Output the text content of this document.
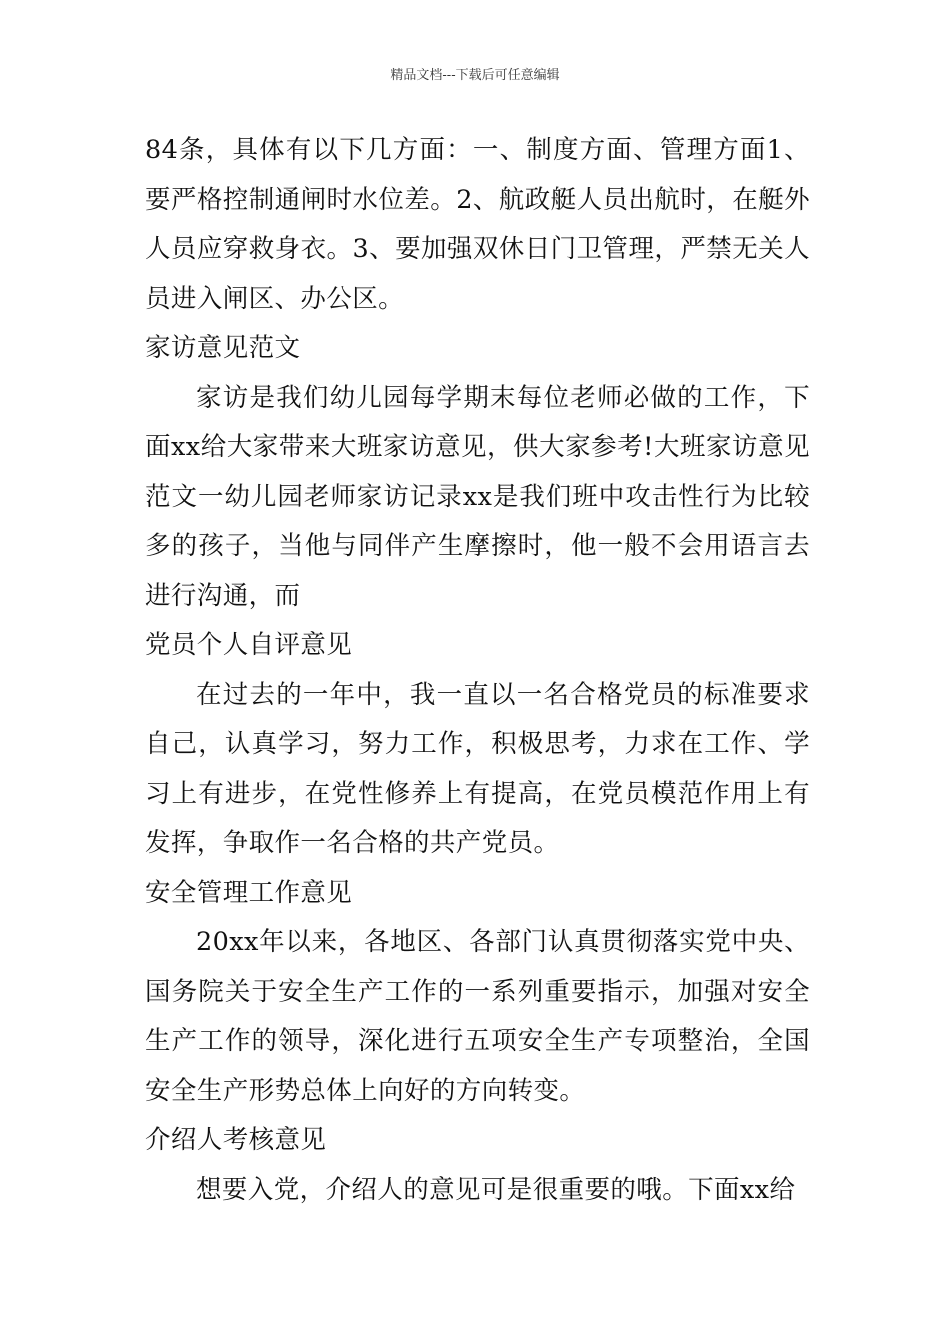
精品文档---下载后可任意编辑

84条，具体有以下几方面：一、制度方面、管理方面1、要严格控制通闸时水位差。2、航政艇人员出航时，在艇外人员应穿救身衣。3、要加强双休日门卫管理，严禁无关人员进入闸区、办公区。

家访意见范文

家访是我们幼儿园每学期末每位老师必做的工作，下面xx给大家带来大班家访意见，供大家参考!大班家访意见范文一幼儿园老师家访记录xx是我们班中攻击性行为比较多的孩子，当他与同伴产生摩擦时，他一般不会用语言去进行沟通，而

党员个人自评意见

在过去的一年中，我一直以一名合格党员的标准要求自己，认真学习，努力工作，积极思考，力求在工作、学习上有进步，在党性修养上有提高，在党员模范作用上有发挥，争取作一名合格的共产党员。

安全管理工作意见

20xx年以来，各地区、各部门认真贯彻落实党中央、国务院关于安全生产工作的一系列重要指示，加强对安全生产工作的领导，深化进行五项安全生产专项整治，全国安全生产形势总体上向好的方向转变。

介绍人考核意见

想要入党，介绍人的意见可是很重要的哦。下面xx给
